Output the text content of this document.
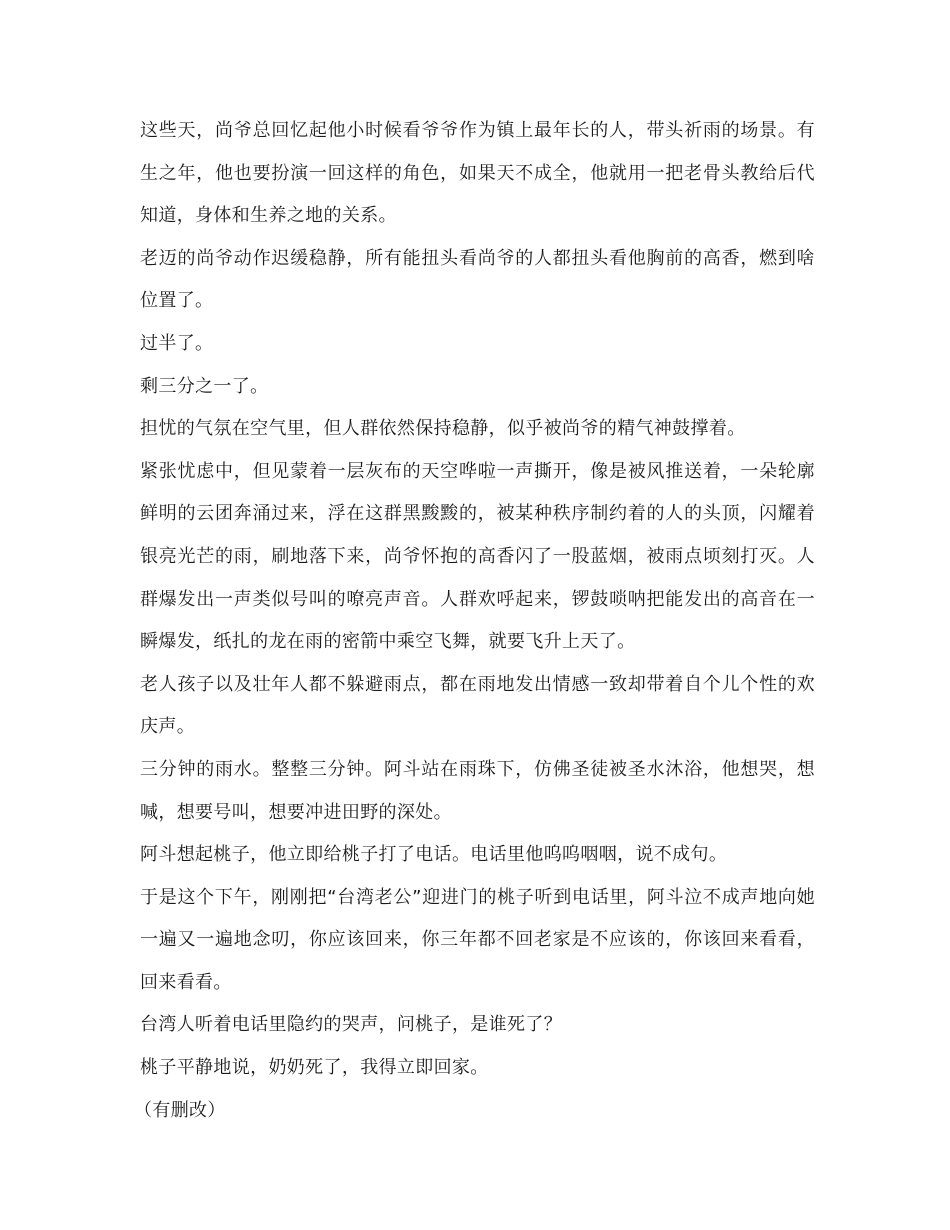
这些天，尚爷总回忆起他小时候看爷爷作为镇上最年长的人，带头祈雨的场景。有生之年，他也要扮演一回这样的角色，如果天不成全，他就用一把老骨头教给后代知道，身体和生养之地的关系。

老迈的尚爷动作迟缓稳静，所有能扭头看尚爷的人都扭头看他胸前的高香，燃到啥位置了。

过半了。

剩三分之一了。

担忧的气氛在空气里，但人群依然保持稳静，似乎被尚爷的精气神鼓撑着。

紧张忧虑中，但见蒙着一层灰布的天空哗啦一声撕开，像是被风推送着，一朵轮廓鲜明的云团奔涌过来，浮在这群黑黢黢的，被某种秩序制约着的人的头顶，闪耀着银亮光芒的雨，刷地落下来，尚爷怀抱的高香闪了一股蓝烟，被雨点顷刻打灭。人群爆发出一声类似号叫的嘹亮声音。人群欢呼起来，锣鼓唢呐把能发出的高音在一瞬爆发，纸扎的龙在雨的密箭中乘空飞舞，就要飞升上天了。

老人孩子以及壮年人都不躲避雨点，都在雨地发出情感一致却带着自个儿个性的欢庆声。

三分钟的雨水。整整三分钟。阿斗站在雨珠下，仿佛圣徒被圣水沐浴，他想哭，想喊，想要号叫，想要冲进田野的深处。

阿斗想起桃子，他立即给桃子打了电话。电话里他呜呜咽咽，说不成句。

于是这个下午，刚刚把“台湾老公”迎进门的桃子听到电话里，阿斗泣不成声地向她一遍又一遍地念叨，你应该回来，你三年都不回老家是不应该的，你该回来看看，回来看看。

台湾人听着电话里隐约的哭声，问桃子，是谁死了？

桃子平静地说，奶奶死了，我得立即回家。

（有删改）
